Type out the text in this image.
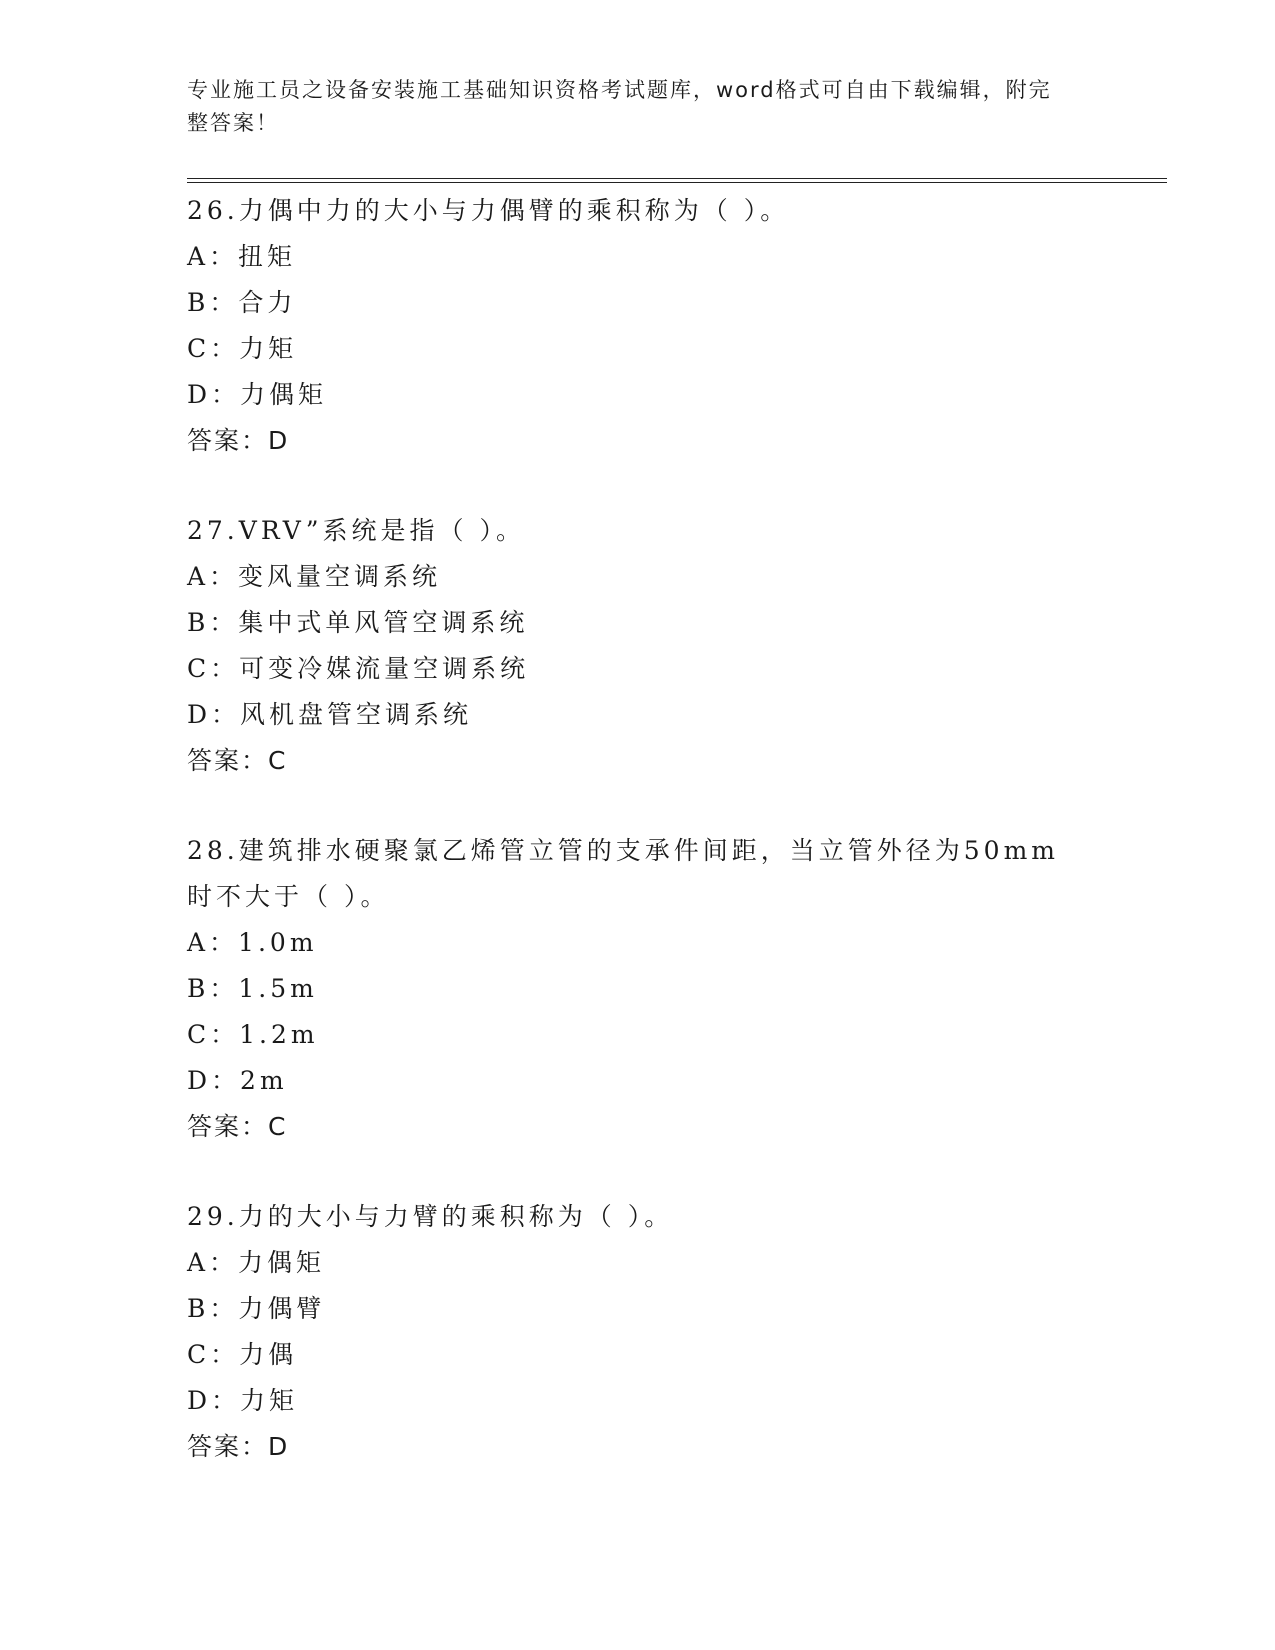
专业施工员之设备安装施工基础知识资格考试题库，word格式可自由下载编辑，附完整答案！
26.力偶中力的大小与力偶臂的乘积称为（ ）。
A：扭矩
B：合力
C：力矩
D：力偶矩
答案：D
27.VRV”系统是指（ ）。
A：变风量空调系统
B：集中式单风管空调系统
C：可变冷媒流量空调系统
D：风机盘管空调系统
答案：C
28.建筑排水硬聚氯乙烯管立管的支承件间距，当立管外径为50mm时不大于（ ）。
A：1.0m
B：1.5m
C：1.2m
D：2m
答案：C
29.力的大小与力臂的乘积称为（ ）。
A：力偶矩
B：力偶臂
C：力偶
D：力矩
答案：D
